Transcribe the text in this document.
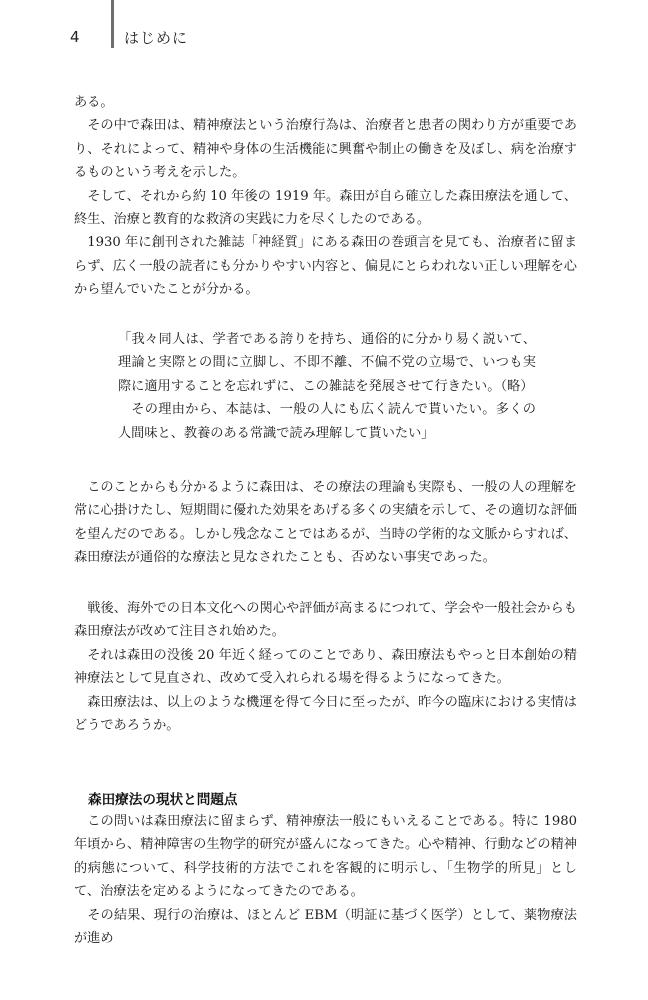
4	はじめに

ある。

その中で森田は、精神療法という治療行為は、治療者と患者の関わり方が重要であり、それによって、精神や身体の生活機能に興奮や制止の働きを及ぼし、病を治療するものという考えを示した。

そして、それから約 10 年後の 1919 年。森田が自ら確立した森田療法を通して、終生、治療と教育的な救済の実践に力を尽くしたのである。

1930 年に創刊された雑誌「神経質」にある森田の巻頭言を見ても、治療者に留まらず、広く一般の読者にも分かりやすい内容と、偏見にとらわれない正しい理解を心から望んでいたことが分かる。

「我々同人は、学者である誇りを持ち、通俗的に分かり易く説いて、理論と実際との間に立脚し、不即不離、不偏不党の立場で、いつも実際に適用することを忘れずに、この雑誌を発展させて行きたい。（略）

その理由から、本誌は、一般の人にも広く読んで貰いたい。多くの人間味と、教養のある常識で読み理解して貰いたい」

このことからも分かるように森田は、その療法の理論も実際も、一般の人の理解を常に心掛けたし、短期間に優れた効果をあげる多くの実績を示して、その適切な評価を望んだのである。しかし残念なことではあるが、当時の学術的な文脈からすれば、森田療法が通俗的な療法と見なされたことも、否めない事実であった。

戦後、海外での日本文化への関心や評価が高まるにつれて、学会や一般社会からも森田療法が改めて注目され始めた。

それは森田の没後 20 年近く経ってのことであり、森田療法もやっと日本創始の精神療法として見直され、改めて受入れられる場を得るようになってきた。

森田療法は、以上のような機運を得て今日に至ったが、昨今の臨床における実情はどうであろうか。

森田療法の現状と問題点

この問いは森田療法に留まらず、精神療法一般にもいえることである。特に 1980 年頃から、精神障害の生物学的研究が盛んになってきた。心や精神、行動などの精神的病態について、科学技術的方法でこれを客観的に明示し、「生物学的所見」として、治療法を定めるようになってきたのである。

その結果、現行の治療は、ほとんど EBM（明証に基づく医学）として、薬物療法が進め
